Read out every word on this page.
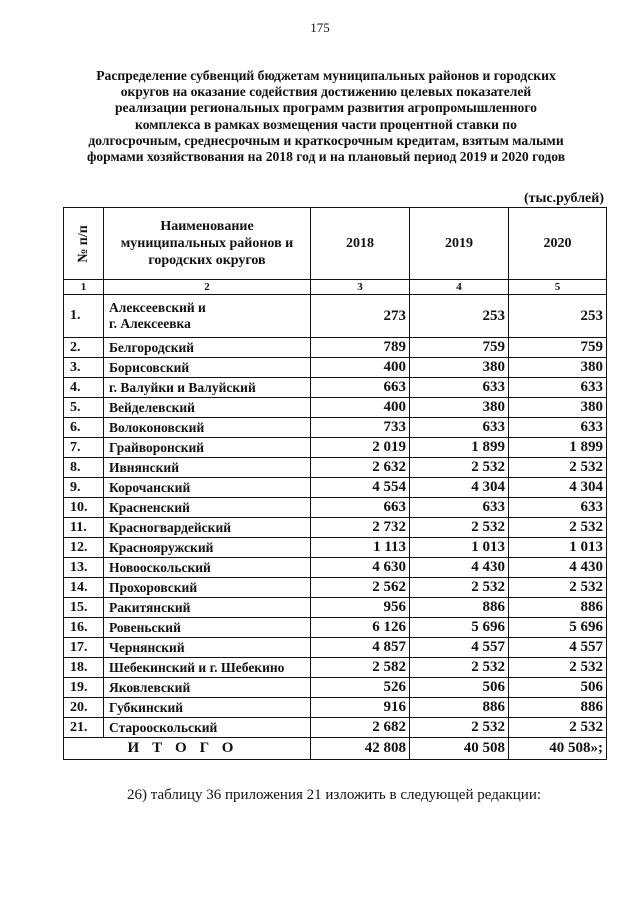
175
Распределение субвенций бюджетам муниципальных районов и городских
округов на оказание содействия достижению целевых показателей
реализации региональных программ развития агропромышленного
комплекса в рамках возмещения части процентной ставки по
долгосрочным, среднесрочным и краткосрочным кредитам, взятым малыми
формами хозяйствования на 2018 год и на плановый период 2019 и 2020 годов
(тыс.рублей)
№ п/п	Наименование
муниципальных районов и
городских округов	2018	2019	2020
1	2	3	4	5
1.	Алексеевский и
г. Алексеевка	273	253	253
2.	Белгородский	789	759	759
3.	Борисовский	400	380	380
4.	г. Валуйки и Валуйский	663	633	633
5.	Вейделевский	400	380	380
6.	Волоконовский	733	633	633
7.	Грайворонский	2 019	1 899	1 899
8.	Ивнянский	2 632	2 532	2 532
9.	Корочанский	4 554	4 304	4 304
10.	Красненский	663	633	633
11.	Красногвардейский	2 732	2 532	2 532
12.	Краснояружский	1 113	1 013	1 013
13.	Новооскольский	4 630	4 430	4 430
14.	Прохоровский	2 562	2 532	2 532
15.	Ракитянский	956	886	886
16.	Ровеньский	6 126	5 696	5 696
17.	Чернянский	4 857	4 557	4 557
18.	Шебекинский и г. Шебекино	2 582	2 532	2 532
19.	Яковлевский	526	506	506
20.	Губкинский	916	886	886
21.	Старооскольский	2 682	2 532	2 532
ИТОГО		42 808	40 508	40 508»;
26) таблицу 36 приложения 21 изложить в следующей редакции:
